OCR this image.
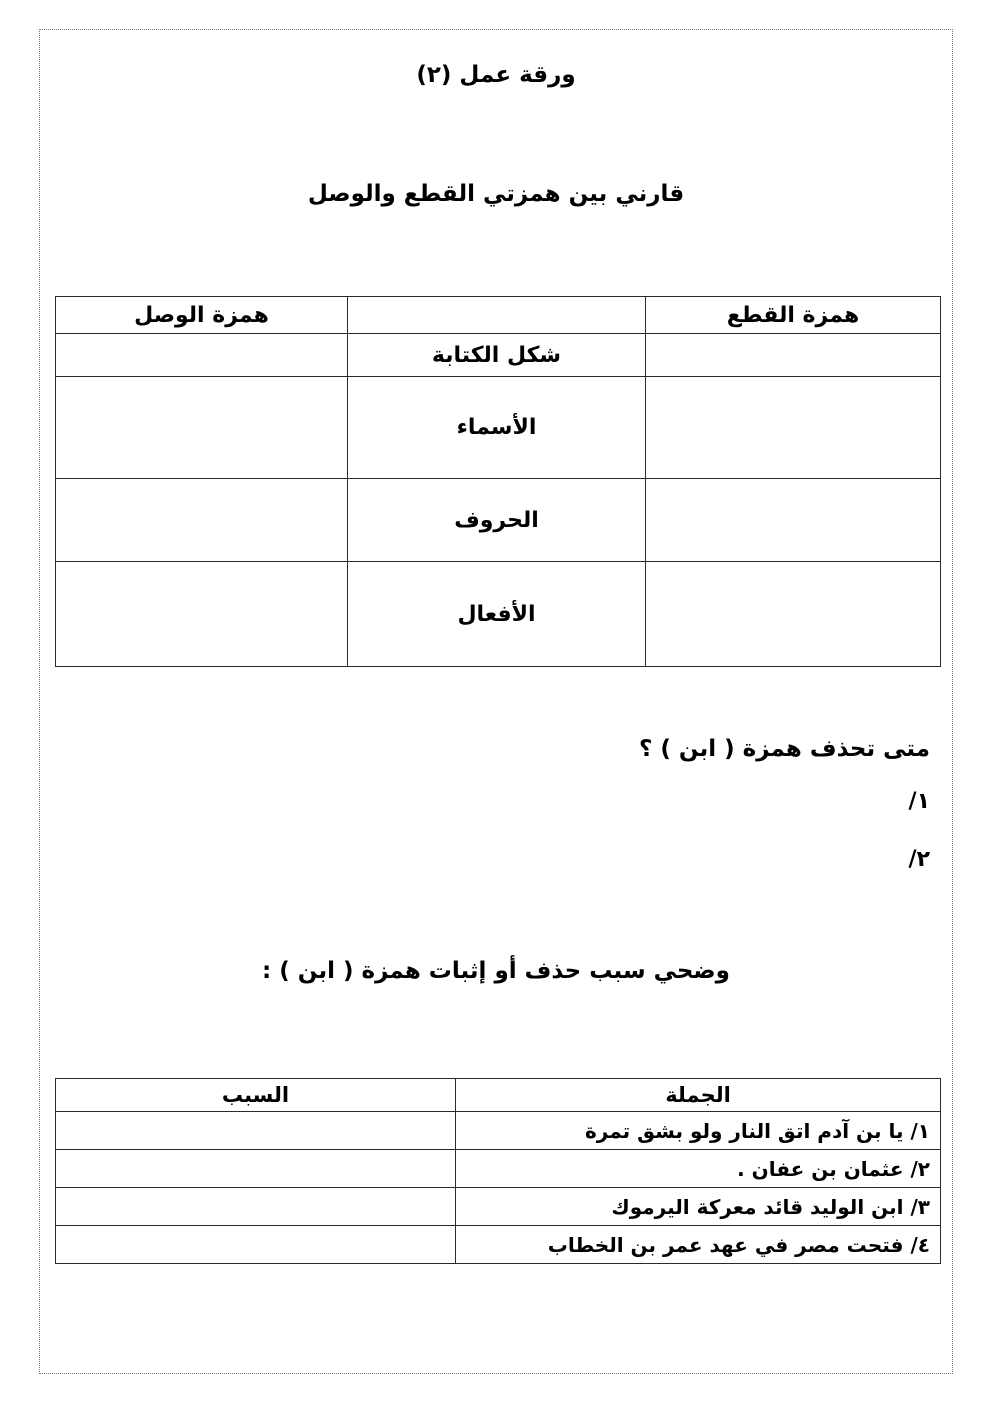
ورقة عمل (٢)
قارني بين همزتي القطع والوصل
همزة القطع		همزة الوصل
	شكل الكتابة	
	الأسماء	
	الحروف	
	الأفعال	
متى تحذف همزة ( ابن ) ؟
١/
٢/
وضحي سبب حذف أو إثبات همزة ( ابن ) :
الجملة	السبب
١/ يا بن آدم اتق النار ولو بشق تمرة	
٢/ عثمان بن عفان .	
٣/ ابن الوليد قائد معركة اليرموك	
٤/ فتحت مصر في عهد عمر بن الخطاب	
